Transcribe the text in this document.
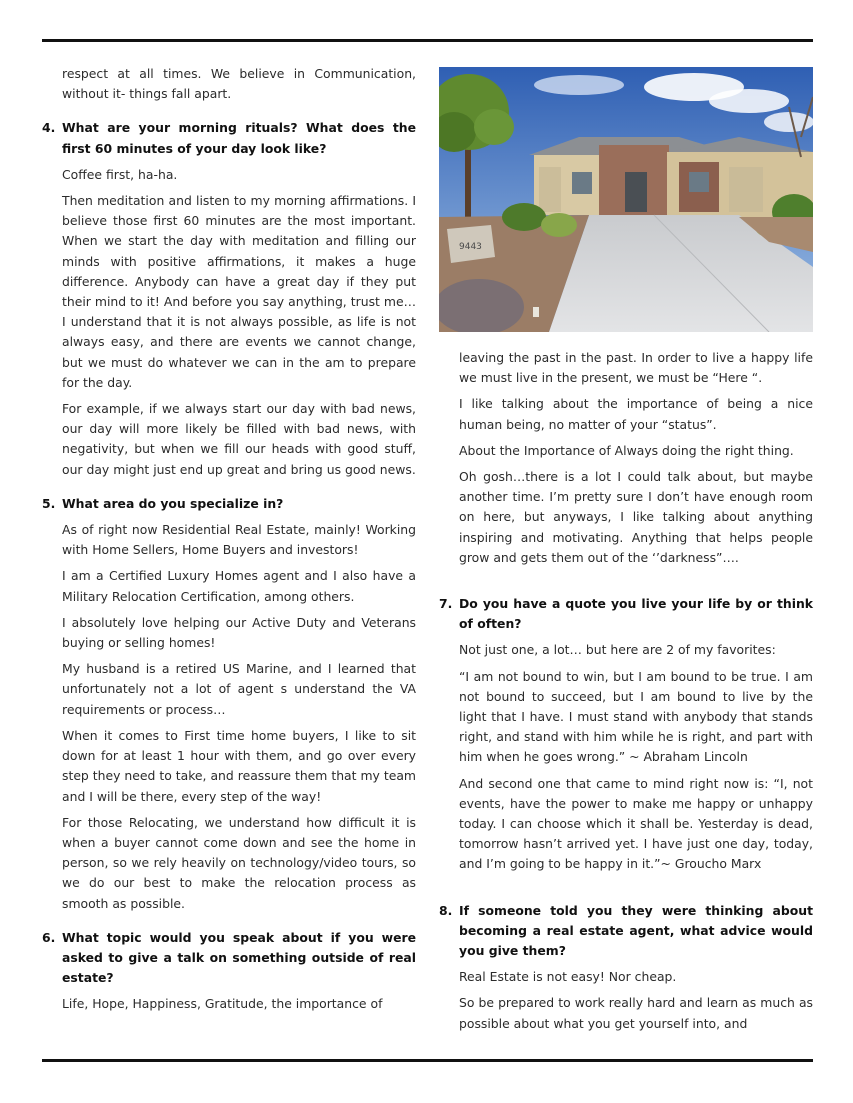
respect at all times. We believe in Communication, without it- things fall apart.

4. What are your morning rituals? What does the first 60 minutes of your day look like?

Coffee first, ha-ha.

Then meditation and listen to my morning affirmations. I believe those first 60 minutes are the most important. When we start the day with meditation and filling our minds with positive affirmations, it makes a huge difference. Anybody can have a great day if they put their mind to it! And before you say anything, trust me… I understand that it is not always possible, as life is not always easy, and there are events we cannot change, but we must do whatever we can in the am to prepare for the day.

For example, if we always start our day with bad news, our day will more likely be filled with bad news, with negativity, but when we fill our heads with good stuff, our day might just end up great and bring us good news.

5. What area do you specialize in?

As of right now Residential Real Estate, mainly! Working with Home Sellers, Home Buyers and investors!

I am a Certified Luxury Homes agent and I also have a Military Relocation Certification, among others.

I absolutely love helping our Active Duty and Veterans buying or selling homes!

My husband is a retired US Marine, and I learned that unfortunately not a lot of agent s understand the VA requirements or process…

When it comes to First time home buyers, I like to sit down for at least 1 hour with them, and go over every step they need to take, and reassure them that my team and I will be there, every step of the way!

For those Relocating, we understand how difficult it is when a buyer cannot come down and see the home in person, so we rely heavily on technology/video tours, so we do our best to make the relocation process as smooth as possible.

6. What topic would you speak about if you were asked to give a talk on something outside of real estate?

Life, Hope, Happiness, Gratitude, the importance of

9443

leaving the past in the past. In order to live a happy life we must live in the present, we must be “Here “.

I like talking about the importance of being a nice human being, no matter of your “status”.

About the Importance of Always doing the right thing.

Oh gosh…there is a lot I could talk about, but maybe another time. I’m pretty sure I don’t have enough room on here, but anyways, I like talking about anything inspiring and motivating. Anything that helps people grow and gets them out of the ‘’darkness”….

7. Do you have a quote you live your life by or think of often?

Not just one, a lot… but here are 2 of my favorites:

“I am not bound to win, but I am bound to be true. I am not bound to succeed, but I am bound to live by the light that I have. I must stand with anybody that stands right, and stand with him while he is right, and part with him when he goes wrong.” ~ Abraham Lincoln

And second one that came to mind right now is: “I, not events, have the power to make me happy or unhappy today. I can choose which it shall be. Yesterday is dead, tomorrow hasn’t arrived yet. I have just one day, today, and I’m going to be happy in it.”~ Groucho Marx

8. If someone told you they were thinking about becoming a real estate agent, what advice would you give them?

Real Estate is not easy! Nor cheap.

So be prepared to work really hard and learn as much as possible about what you get yourself into, and
